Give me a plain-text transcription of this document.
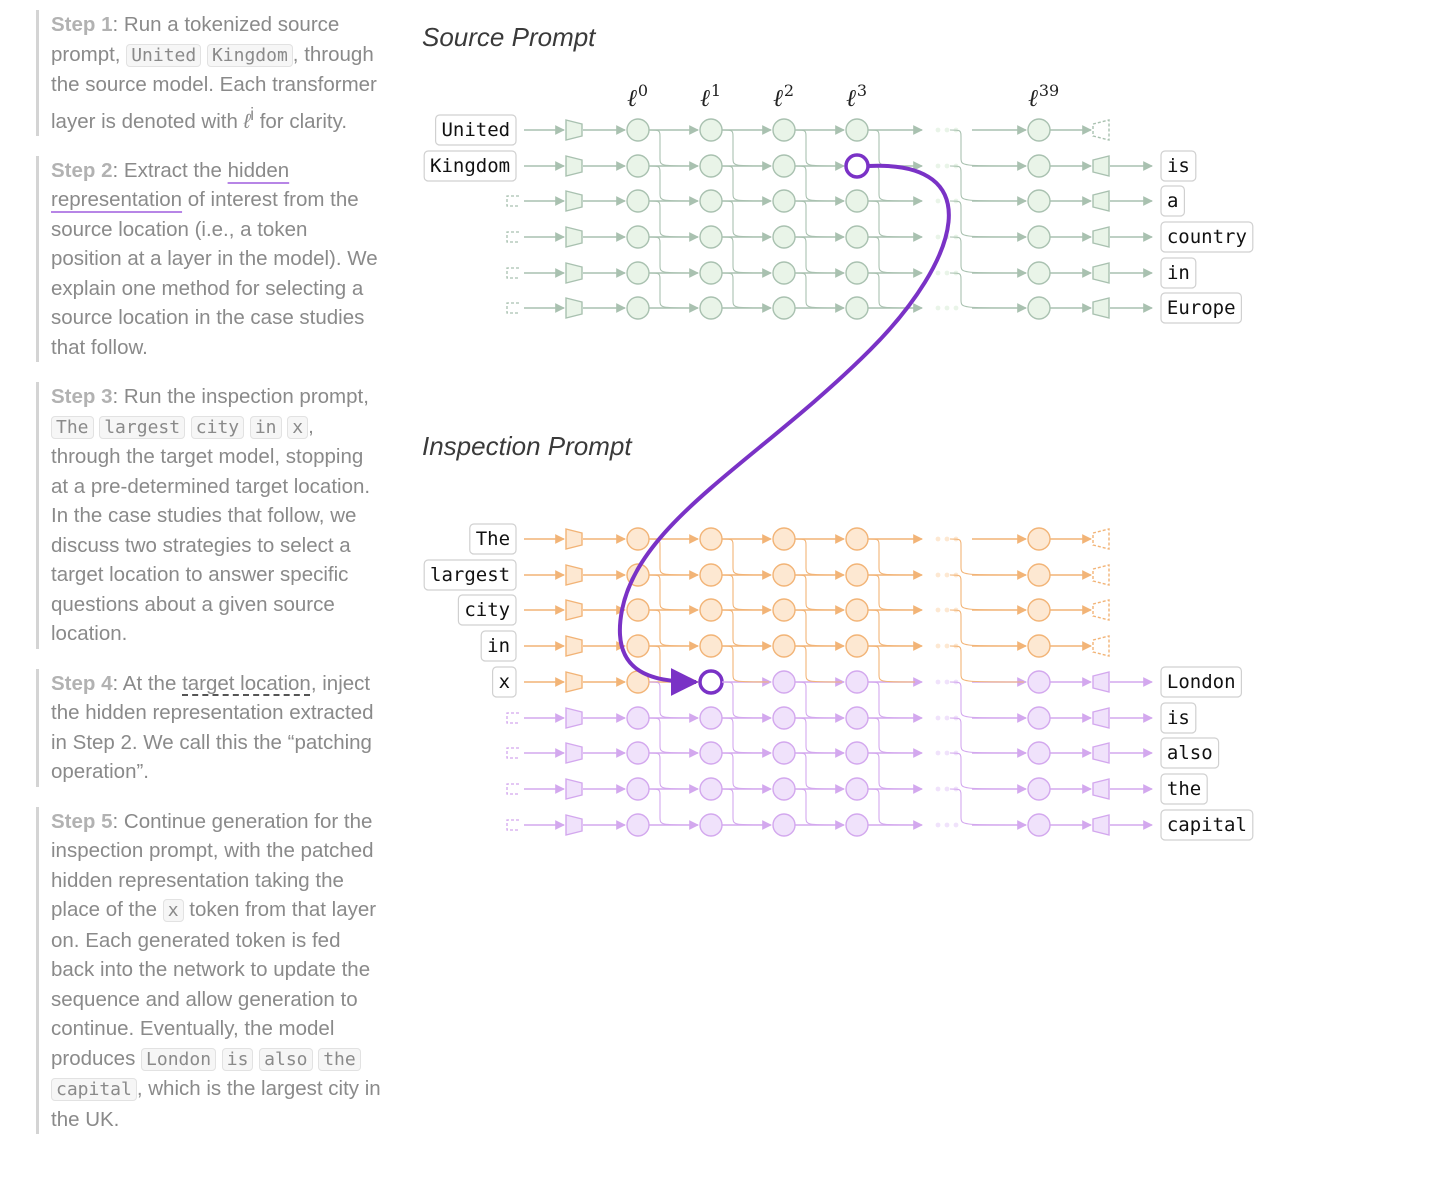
Step 1: Run a tokenized source prompt, United Kingdom , through the source model. Each transformer layer is denoted with ℓ$^i$ for clarity.
Step 2: Extract the hidden representation of interest from the source location (i.e., a token position at a layer in the model). We explain one method for selecting a source location in the case studies that follow.
Step 3: Run the inspection prompt, The largest city in x , through the target model, stopping at a pre-determined target location. In the case studies that follow, we discuss two strategies to select a target location to answer specific questions about a given source location.
Step 4: At the target location, inject the hidden representation extracted in Step 2. We call this the “patching operation”.
Step 5: Continue generation for the inspection prompt, with the patched hidden representation taking the place of the x token from that layer on. Each generated token is fed back into the network to update the sequence and allow generation to continue. Eventually, the model produces London is also the capital , which is the largest city in the UK.
Source Prompt
Inspection Prompt
United
Kingdom	is
a
country
in
Europe
ℓ 0 ℓ 1 ℓ 2 ℓ 3	ℓ 39
The
largest
city
in
x	London
is
also
the
capital
